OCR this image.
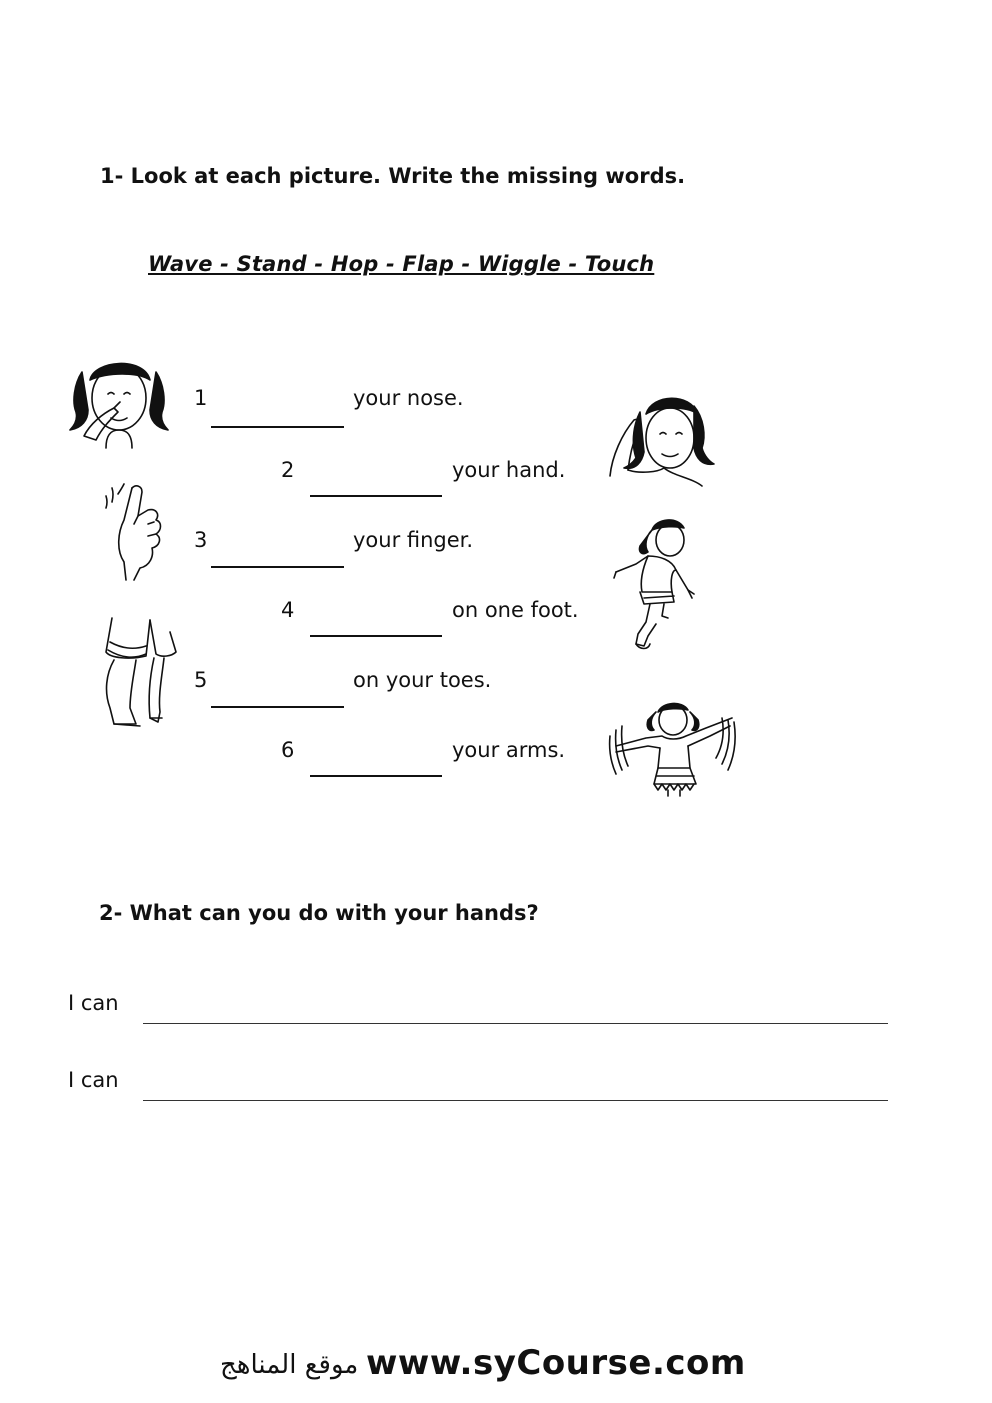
1- Look at each picture. Write the missing words.
Wave - Stand - Hop - Flap - Wiggle - Touch
1	your nose.
2	your hand.
3	your finger.
4	on one foot.
5	on your toes.
6	your arms.
2- What can you do with your hands?
I can
I can
موقع المناهج www.syCourse.com
